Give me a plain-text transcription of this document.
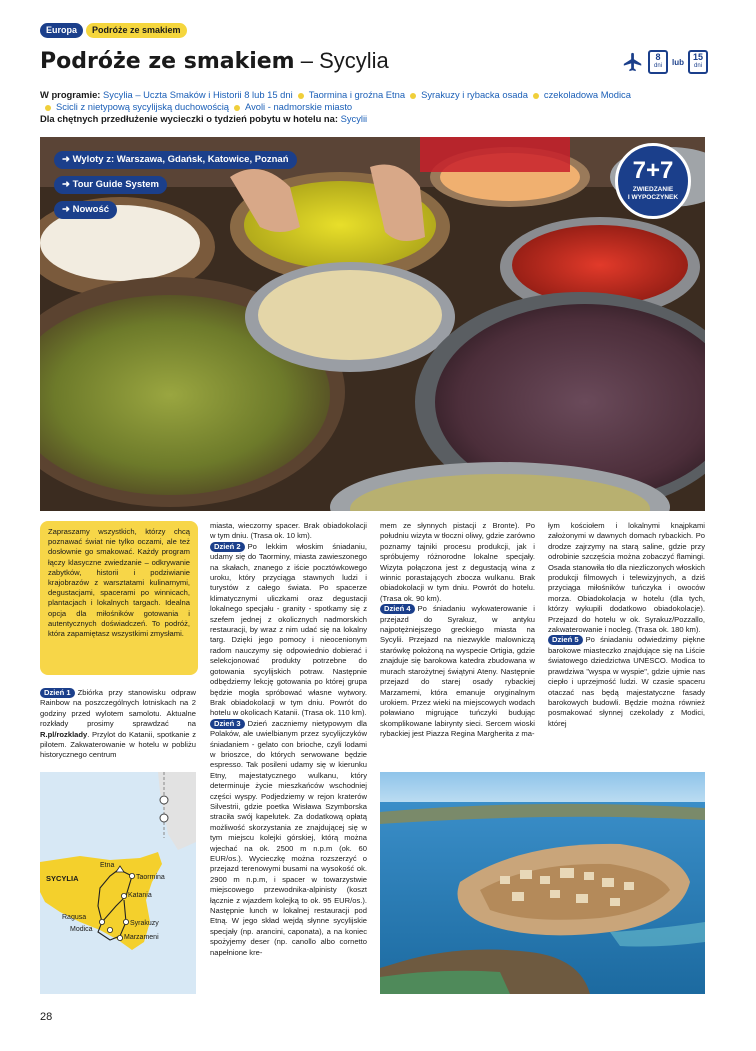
Europa	Podróże ze smakiem
Podróże ze smakiem – Sycylia	8
dni	lub 15
dni
W programie: Sycylia – Uczta Smaków i Historii 8 lub 15 dni Taormina i groźna Etna Syrakuzy i rybacka osada czekoladowa Modica
Scicli z nietypową sycylijską duchowością Avoli - nadmorskie miasto
Dla chętnych przedłużenie wycieczki o tydzień pobytu w hotelu na: Sycylii
➜ Wyloty z: Warszawa, Gdańsk, Katowice, Poznań
➜ Tour Guide System
➜ Nowość
7+7
ZWIEDZANIE
I WYPOCZYNEK
Zapraszamy wszystkich, którzy chcą poznawać świat nie tylko oczami, ale też dosłownie go smakować. Każdy program łączy klasyczne zwiedzanie – odkrywanie zabytków, historii i podziwianie krajobrazów z warsztatami kulinarnymi, degustacjami, spacerami po winnicach, plantacjach i lokalnych targach. Idealna opcja dla miłośników gotowania i autentycznych doświadczeń. To podróż, która zapamiętasz wszystkimi zmysłami.
Dzień 1 Zbiórka przy stanowisku odpraw Rainbow na poszczególnych lotniskach na 2 godziny przed wylotem samolotu. Aktualne rozkłady prosimy sprawdzać na R.pl/rozklady. Przylot do Katanii, spotkanie z pilotem. Zakwaterowanie w hotelu w pobliżu historycznego centrum
SYCYLIA
Etna
Taormina
Katania
Ragusa
Modica
Syrakuzy
Marzameni
miasta, wieczorny spacer. Brak obiadokolacji w tym dniu. (Trasa ok. 10 km).
Dzień 2 Po lekkim włoskim śniadaniu, udamy się do Taorminy, miasta zawieszonego na skałach, znanego z iście pocztówkowego uroku, który przyciąga stawnych ludzi i turystów z całego świata. Po spacerze klimatycznymi uliczkami oraz degustacji lokalnego specjału - granity - spotkamy się z szefem jednej z okolicznych nadmorskich restauracji, by wraz z nim udać się na lokalny targ. Dzięki jego pomocy i nieocenionym radom nauczymy się odpowiednio dobierać i selekcjonować produkty potrzebne do gotowania sycylijskich potraw. Następnie odbędziemy lekcję gotowania po której grupa będzie mogła spróbować własne wytwory. Brak obiadokolacji w tym dniu. Powrót do hotelu w okolicach Katanii. (Trasa ok. 110 km).
Dzień 3 Dzień zaczniemy nietypowym dla Polaków, ale uwielbianym przez sycylijczyków śniadaniem - gelato con brioche, czyli lodami w brioszce, do których serwowane będzie espresso. Tak posileni udamy się w kierunku Etny, majestatycznego wulkanu, który determinuje życie mieszkańców wschodniej części wyspy. Podjedziemy w rejon kraterów Silvestrii, gdzie poetka Wisława Szymborska straciła swój kapelutek. Za dodatkową opłatą możliwość skorzystania ze znajdującej się w tym miejscu kolejki górskiej, którą można wjechać na ok. 2500 m n.p.m (ok. 60 EUR/os.). Wycieczkę można rozszerzyć o przejazd terenowymi busami na wysokość ok. 2900 m n.p.m, i spacer w towarzystwie miejscowego przewodnika-alpinisty (koszt łącznie z wjazdem kolejką to ok. 95 EUR/os.). Następnie lunch w lokalnej restauracji pod Etną. W jego skład wejdą słynne sycylijskie specjały (np. arancini, caponata), a na koniec spożyjemy deser (np. canollo albo cornetto napełnione kre-
mem ze słynnych pistacji z Bronte). Po południu wizyta w tłoczni oliwy, gdzie zarówno poznamy tajniki procesu produkcji, jak i spróbujemy różnorodne lokalne specjały. Wizyta połączona jest z degustacją wina z winnic porastających zbocza wulkanu. Brak obiadokolacji w tym dniu. Powrót do hotelu. (Trasa ok. 90 km).
Dzień 4 Po śniadaniu wykwaterowanie i przejazd do Syrakuz, w antyku najpotężniejszego greckiego miasta na Sycylii. Przejazd na niezwykle malowniczą starówkę położoną na wyspecie Ortigia, gdzie znajduje się barokowa katedra zbudowana w murach starożytnej świątyni Ateny. Następnie przejazd do starej osady rybackiej Marzamemi, która emanuje oryginalnym urokiem. Przez wieki na miejscowych wodach poławiano migrujące tuńczyki budując skomplikowane labirynty sieci. Sercem wioski rybackiej jest Piazza Regina Margherita z ma-
łym kościołem i lokalnymi knajpkami założonymi w dawnych domach rybackich. Po drodze zajrzymy na starą saline, gdzie przy odrobinie szczęścia można zobaczyć flamingi. Osada stanowiła tło dla niezliczonych włoskich produkcji filmowych i telewizyjnych, a dziś przyciąga miłośników tuńczyka i owoców morza. Obiadokolacja w hotelu (dla tych, którzy wykupili dodatkowo obiadokolacje). Przejazd do hotelu w ok. Syrakuz/Pozzallo, zakwaterowanie i nocleg. (Trasa ok. 180 km).
Dzień 5 Po śniadaniu odwiedzimy piękne barokowe miasteczko znajdujące się na Liście światowego dziedzictwa UNESCO. Modica to prawdziwa "wyspa w wyspie", gdzie ujmie nas ciepło i uprzejmość ludzi. W czasie spaceru otaczać nas będą majestatyczne fasady barokowych budowli. Będzie można również posmakować słynnej czekolady z Modici, której
28
